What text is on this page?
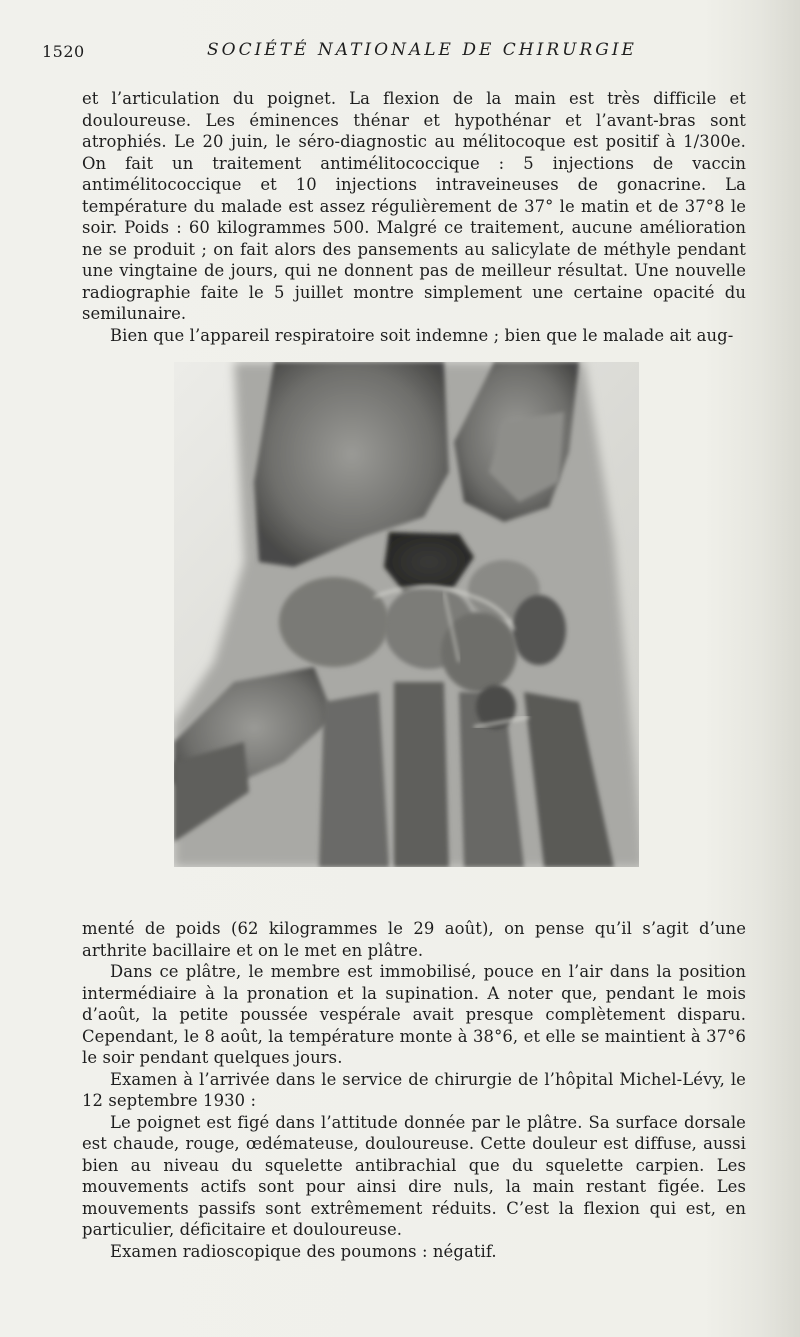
1520	SOCIÉTÉ NATIONALE DE CHIRURGIE

et l’articulation du poignet. La flexion de la main est très difficile et douloureuse. Les éminences thénar et hypothénar et l’avant-bras sont atrophiés. Le 20 juin, le séro-diagnostic au mélitocoque est positif à 1/300e. On fait un traitement antimélitococcique : 5 injections de vaccin antimélitococcique et 10 injections intraveineuses de gonacrine. La température du malade est assez régulièrement de 37° le matin et de 37°8 le soir. Poids : 60 kilogrammes 500. Malgré ce traitement, aucune amélioration ne se produit ; on fait alors des pansements au salicylate de méthyle pendant une vingtaine de jours, qui ne donnent pas de meilleur résultat. Une nouvelle radiographie faite le 5 juillet montre simplement une certaine opacité du semilunaire.

Bien que l’appareil respiratoire soit indemne ; bien que le malade ait aug-

menté de poids (62 kilogrammes le 29 août), on pense qu’il s’agit d’une arthrite bacillaire et on le met en plâtre.

Dans ce plâtre, le membre est immobilisé, pouce en l’air dans la position intermédiaire à la pronation et la supination. A noter que, pendant le mois d’août, la petite poussée vespérale avait presque complètement disparu. Cependant, le 8 août, la température monte à 38°6, et elle se maintient à 37°6 le soir pendant quelques jours.

Examen à l’arrivée dans le service de chirurgie de l’hôpital Michel-Lévy, le 12 septembre 1930 :

Le poignet est figé dans l’attitude donnée par le plâtre. Sa surface dorsale est chaude, rouge, œdémateuse, douloureuse. Cette douleur est diffuse, aussi bien au niveau du squelette antibrachial que du squelette carpien. Les mouvements actifs sont pour ainsi dire nuls, la main restant figée. Les mouvements passifs sont extrêmement réduits. C’est la flexion qui est, en particulier, déficitaire et douloureuse.

Examen radioscopique des poumons : négatif.
